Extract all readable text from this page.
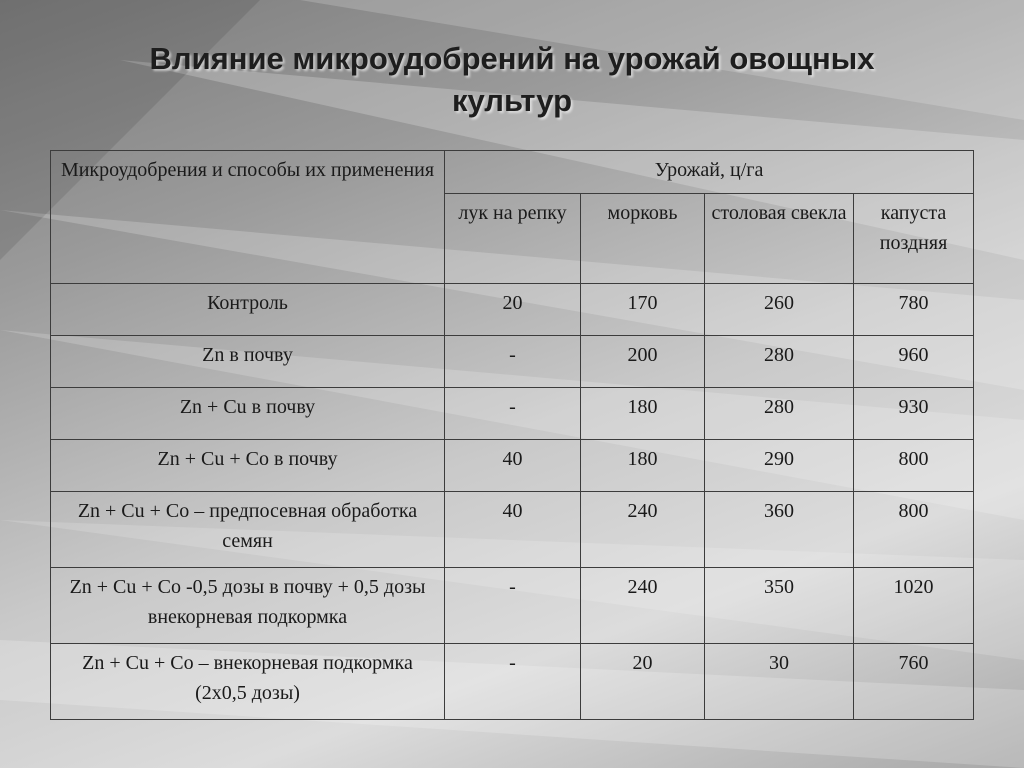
Влияние микроудобрений на урожай овощных
культур
Микроудобрения и способы их применения	Урожай, ц/га			
	лук на репку	морковь	столовая свекла	капуста поздняя
Контроль	20	170	260	780
Zn в почву	-	200	280	960
Zn + Cu в почву	-	180	280	930
Zn + Cu + Co в почву	40	180	290	800
Zn + Cu + Co – предпосевная обработка семян	40	240	360	800
Zn + Cu + Co -0,5 дозы в почву + 0,5 дозы внекорневая подкормка	-	240	350	1020
Zn + Cu + Co – внекорневая подкормка (2х0,5 дозы)	-	20	30	760
